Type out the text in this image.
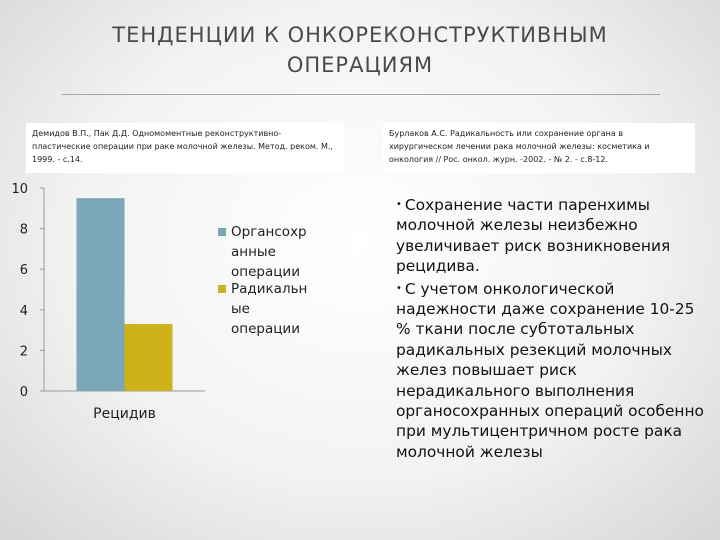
ТЕНДЕНЦИИ К ОНКОРЕКОНСТРУКТИВНЫМ
ОПЕРАЦИЯМ
Демидов В.П., Пак Д.Д. Одномоментные реконструктивно-пластические операции при раке молочной железы. Метод. реком. М., 1999. - с.14.
Бурлаков А.С. Радикальность или сохранение органа в хирургическом лечении рака молочной железы: косметика и онкология // Рос. онкол. журн. -2002. - № 2. - с.8-12.
0
2
4
6
8
10
Рецидив
Органсохр
анные
операции
Радикальн
ые
операции
• Сохранение части паренхимы молочной железы неизбежно увеличивает риск возникновения рецидива.
• С учетом онкологической надежности даже сохранение 10-25 % ткани после субтотальных радикальных резекций молочных желез повышает риск нерадикального выполнения органосохранных операций особенно при мультицентричном росте рака молочной железы
